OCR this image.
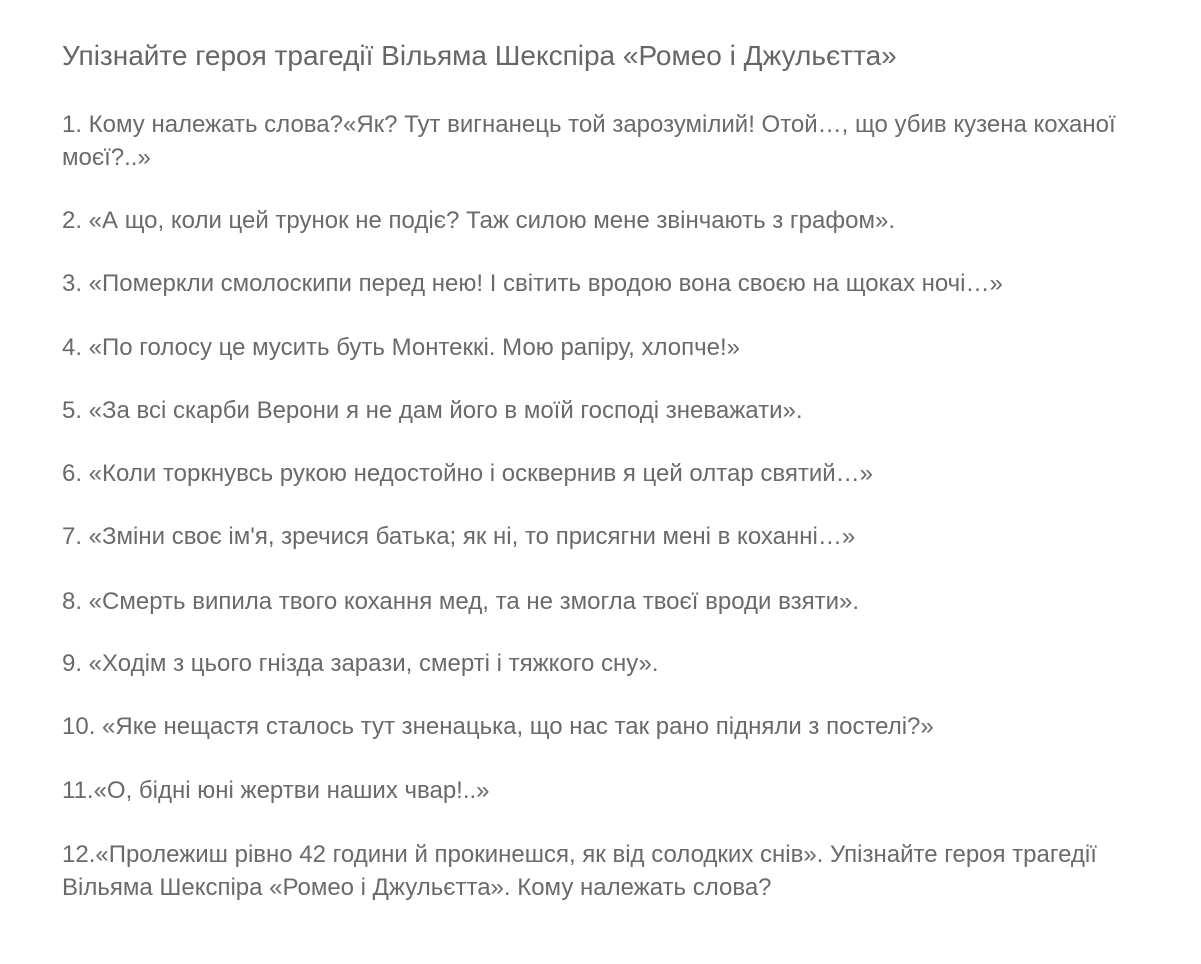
Упізнайте героя трагедії Вільяма Шекспіра «Ромео і Джульєтта»

1. Кому належать слова?«Як? Тут вигнанець той зарозумілий! Отой…, що убив кузена коханої моєї?..»

2. «А що, коли цей трунок не подіє? Таж силою мене звінчають з графом».

3. «Померкли смолоскипи перед нею! І світить вродою вона своєю на щоках ночі…»

4. «По голосу це мусить буть Монтеккі. Мою рапіру, хлопче!»

5. «За всі скарби Верони я не дам його в моїй господі зневажати».

6. «Коли торкнувсь рукою недостойно і осквернив я цей олтар святий…»

7. «Зміни своє ім'я, зречися батька; як ні, то присягни мені в коханні…»

8. «Смерть випила твого кохання мед, та не змогла твоєї вроди взяти».

9. «Ходім з цього гнізда зарази, смерті і тяжкого сну».

10. «Яке нещастя сталось тут зненацька, що нас так рано підняли з постелі?»

11.«О, бідні юні жертви наших чвар!..»

12.«Пролежиш рівно 42 години й прокинешся, як від солодких снів». Упізнайте героя трагедії Вільяма Шекспіра «Ромео і Джульєтта». Кому належать слова?
